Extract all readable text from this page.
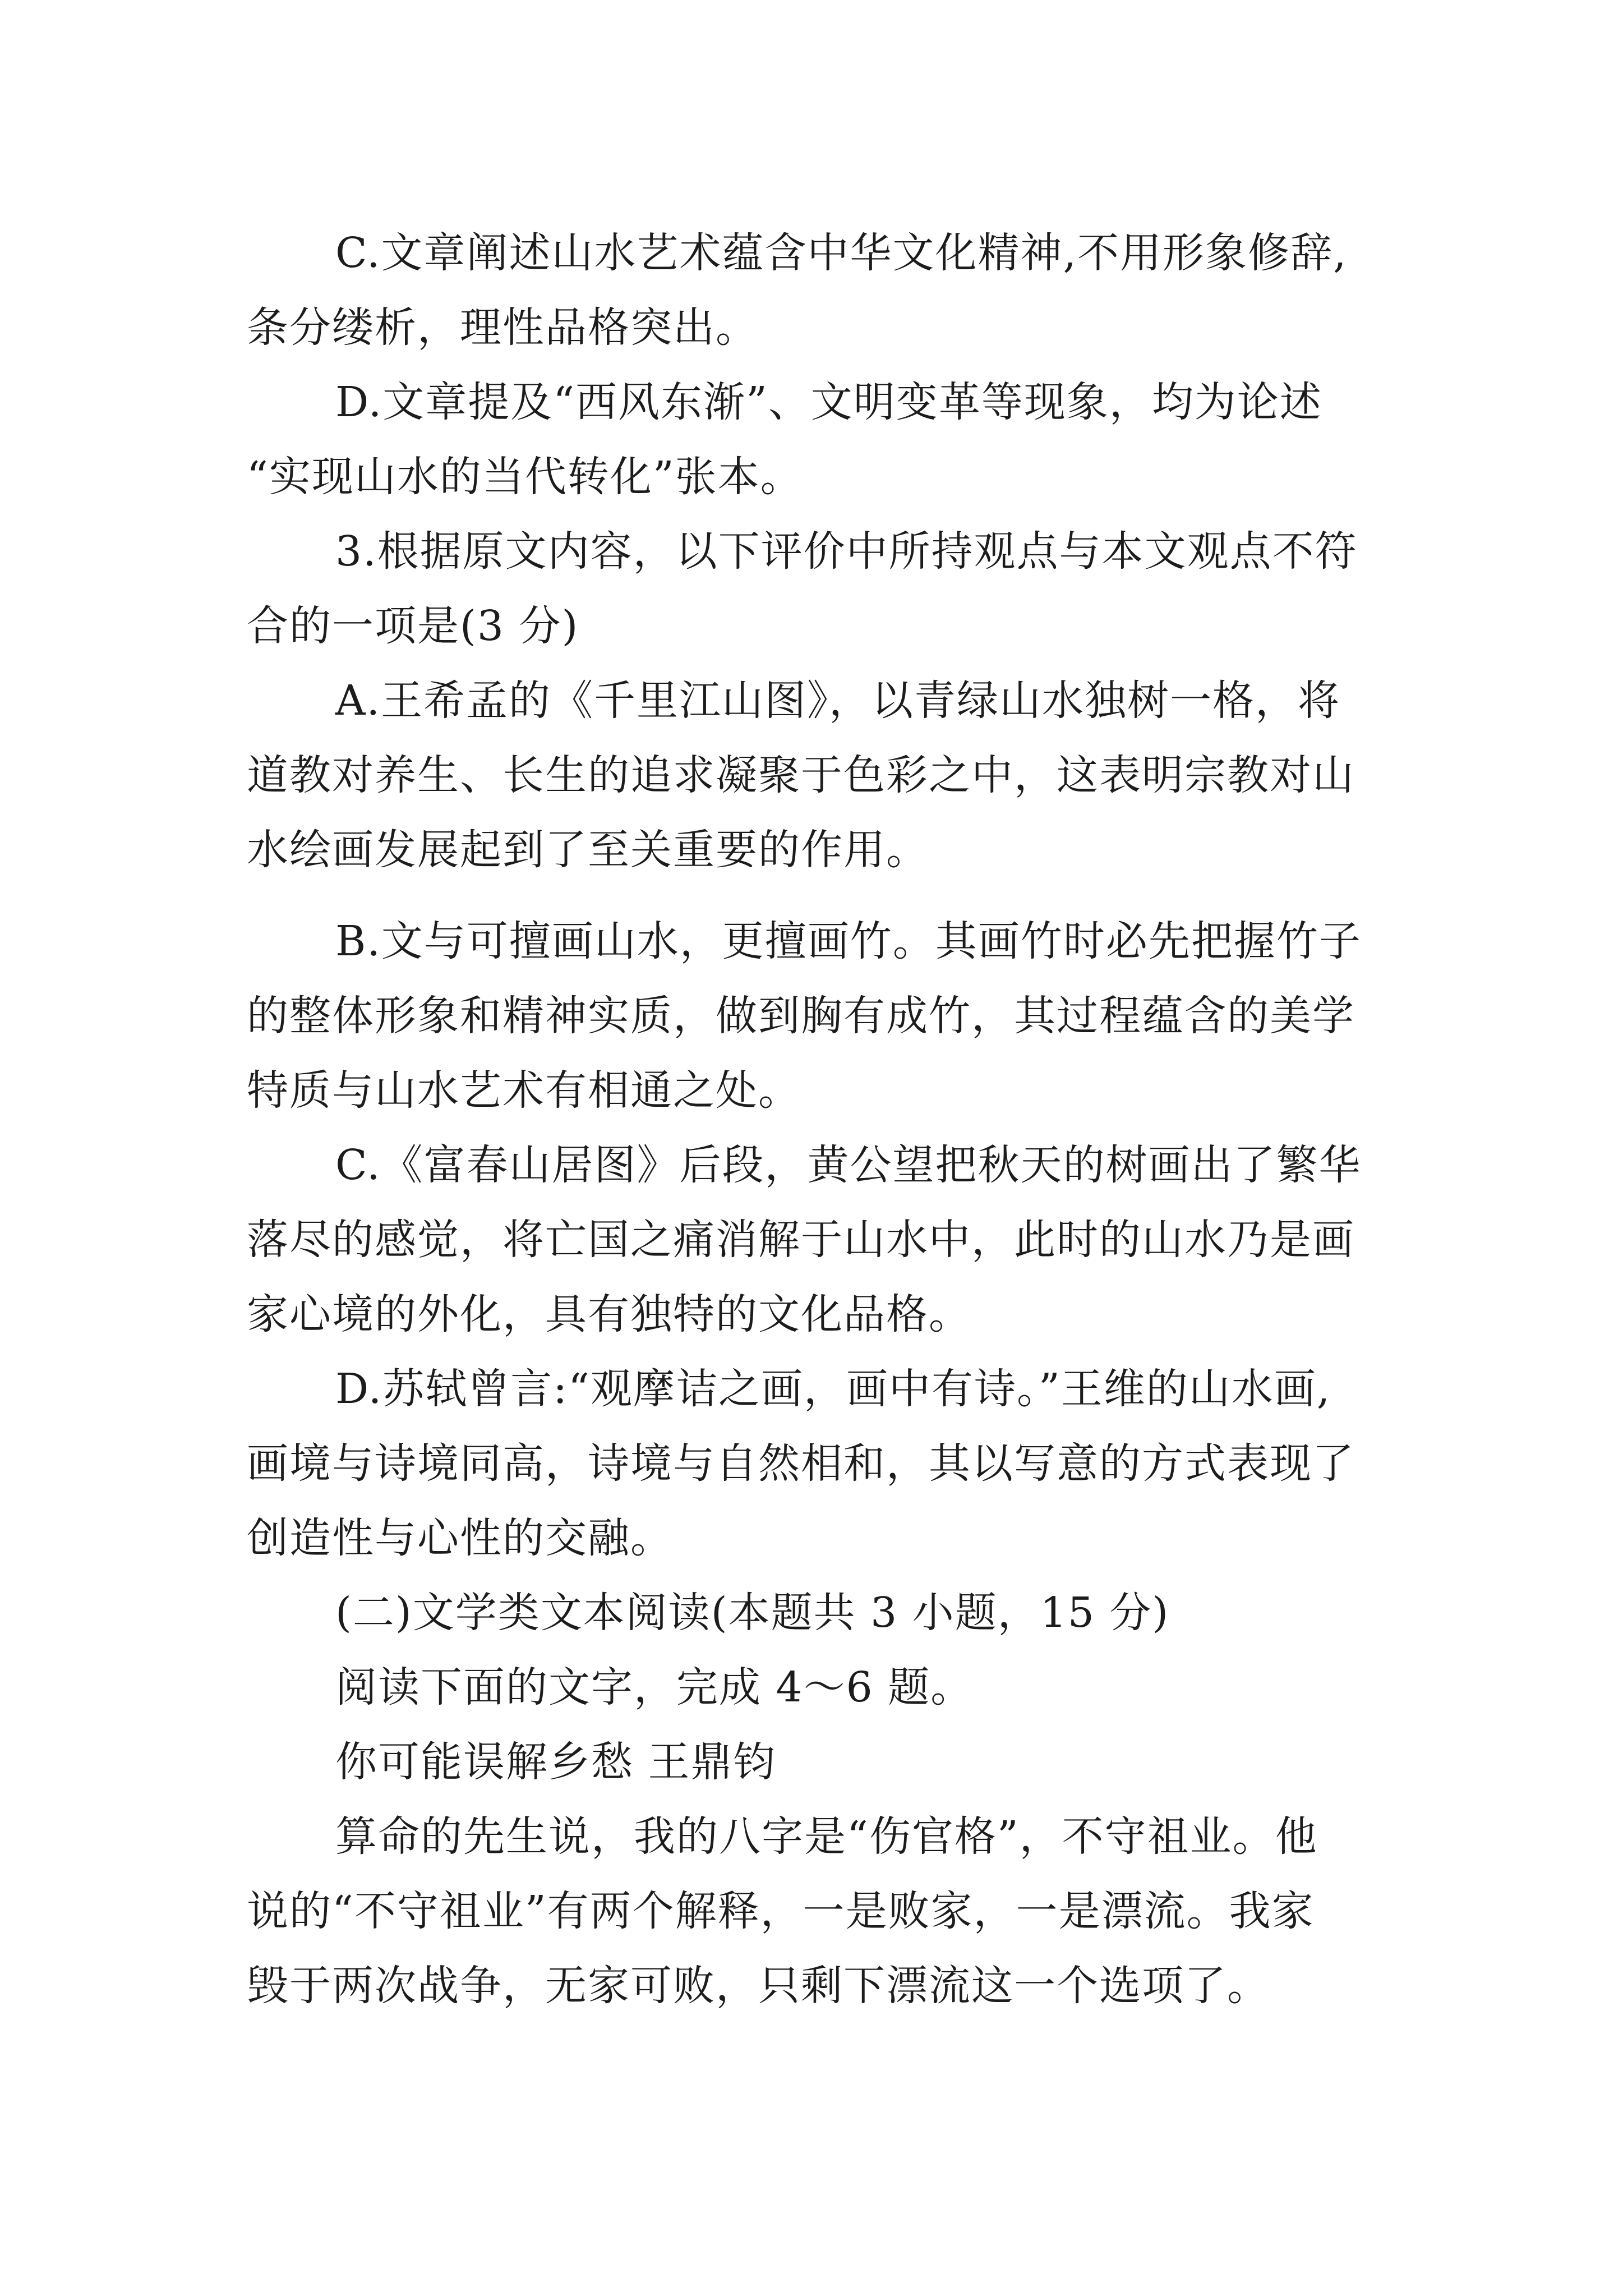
C.文章阐述山水艺术蕴含中华文化精神,不用形象修辞,
条分缕析，理性品格突出。
D.文章提及“西风东渐”、文明变革等现象，均为论述
“实现山水的当代转化”张本。
3.根据原文内容，以下评价中所持观点与本文观点不符
合的一项是(3 分)
A.王希孟的《千里江山图》，以青绿山水独树一格，将
道教对养生、长生的追求凝聚于色彩之中，这表明宗教对山
水绘画发展起到了至关重要的作用。
B.文与可擅画山水，更擅画竹。其画竹时必先把握竹子
的整体形象和精神实质，做到胸有成竹，其过程蕴含的美学
特质与山水艺术有相通之处。
C.《富春山居图》后段，黄公望把秋天的树画出了繁华
落尽的感觉，将亡国之痛消解于山水中，此时的山水乃是画
家心境的外化，具有独特的文化品格。
D.苏轼曾言:“观摩诘之画，画中有诗。”王维的山水画,
画境与诗境同高，诗境与自然相和，其以写意的方式表现了
创造性与心性的交融。
(二)文学类文本阅读(本题共 3 小题，15 分)
阅读下面的文字，完成 4～6 题。
你可能误解乡愁 王鼎钧
算命的先生说，我的八字是“伤官格”，不守祖业。他
说的“不守祖业”有两个解释，一是败家，一是漂流。我家
毁于两次战争，无家可败，只剩下漂流这一个选项了。
